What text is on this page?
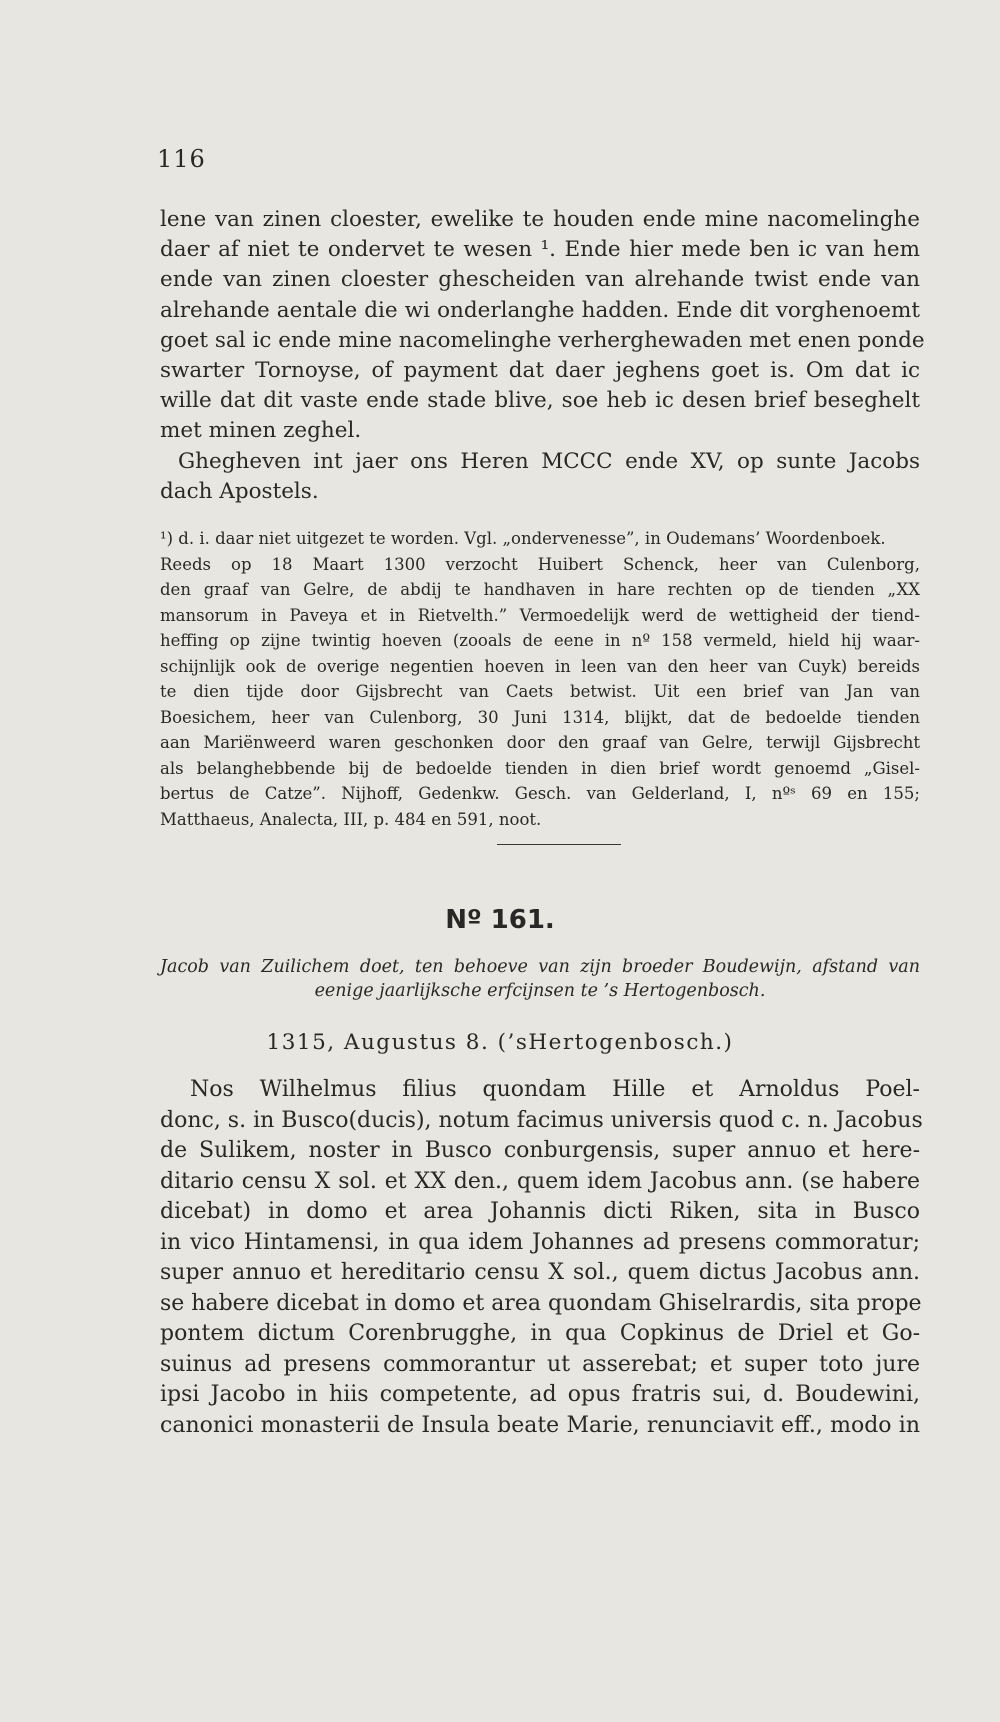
116
lene van zinen cloester, ewelike te houden ende mine nacomelinghe
daer af niet te ondervet te wesen ¹. Ende hier mede ben ic van hem
ende van zinen cloester ghescheiden van alrehande twist ende van
alrehande aentale die wi onderlanghe hadden. Ende dit vorghenoemt
goet sal ic ende mine nacomelinghe verherghewaden met enen ponde
swarter Tornoyse, of payment dat daer jeghens goet is. Om dat ic
wille dat dit vaste ende stade blive, soe heb ic desen brief beseghelt
met minen zeghel.
Ghegheven int jaer ons Heren MCCC ende XV, op sunte Jacobs
dach Apostels.
¹) d. i. daar niet uitgezet te worden. Vgl. „ondervenesse”, in Oudemans’ Woordenboek.
Reeds op 18 Maart 1300 verzocht Huibert Schenck, heer van Culenborg,
den graaf van Gelre, de abdij te handhaven in hare rechten op de tienden „XX
mansorum in Paveya et in Rietvelth.” Vermoedelijk werd de wettigheid der tiend-
heffing op zijne twintig hoeven (zooals de eene in nº 158 vermeld, hield hij waar-
schijnlijk ook de overige negentien hoeven in leen van den heer van Cuyk) bereids
te dien tijde door Gijsbrecht van Caets betwist. Uit een brief van Jan van
Boesichem, heer van Culenborg, 30 Juni 1314, blijkt, dat de bedoelde tienden
aan Mariënweerd waren geschonken door den graaf van Gelre, terwijl Gijsbrecht
als belanghebbende bij de bedoelde tienden in dien brief wordt genoemd „Gisel-
bertus de Catze”. Nijhoff, Gedenkw. Gesch. van Gelderland, I, nºˢ 69 en 155;
Matthaeus, Analecta, III, p. 484 en 591, noot.
Nº 161.
Jacob van Zuilichem doet, ten behoeve van zijn broeder Boudewijn, afstand van
eenige jaarlijksche erfcijnsen te ’s Hertogenbosch.
1315, Augustus 8. (’sHertogenbosch.)
Nos Wilhelmus filius quondam Hille et Arnoldus Poel-
donc, s. in Busco(ducis), notum facimus universis quod c. n. Jacobus
de Sulikem, noster in Busco conburgensis, super annuo et here-
ditario censu X sol. et XX den., quem idem Jacobus ann. (se habere
dicebat) in domo et area Johannis dicti Riken, sita in Busco
in vico Hintamensi, in qua idem Johannes ad presens commoratur;
super annuo et hereditario censu X sol., quem dictus Jacobus ann.
se habere dicebat in domo et area quondam Ghiselrardis, sita prope
pontem dictum Corenbrugghe, in qua Copkinus de Driel et Go-
suinus ad presens commorantur ut asserebat; et super toto jure
ipsi Jacobo in hiis competente, ad opus fratris sui, d. Boudewini,
canonici monasterii de Insula beate Marie, renunciavit eff., modo in
